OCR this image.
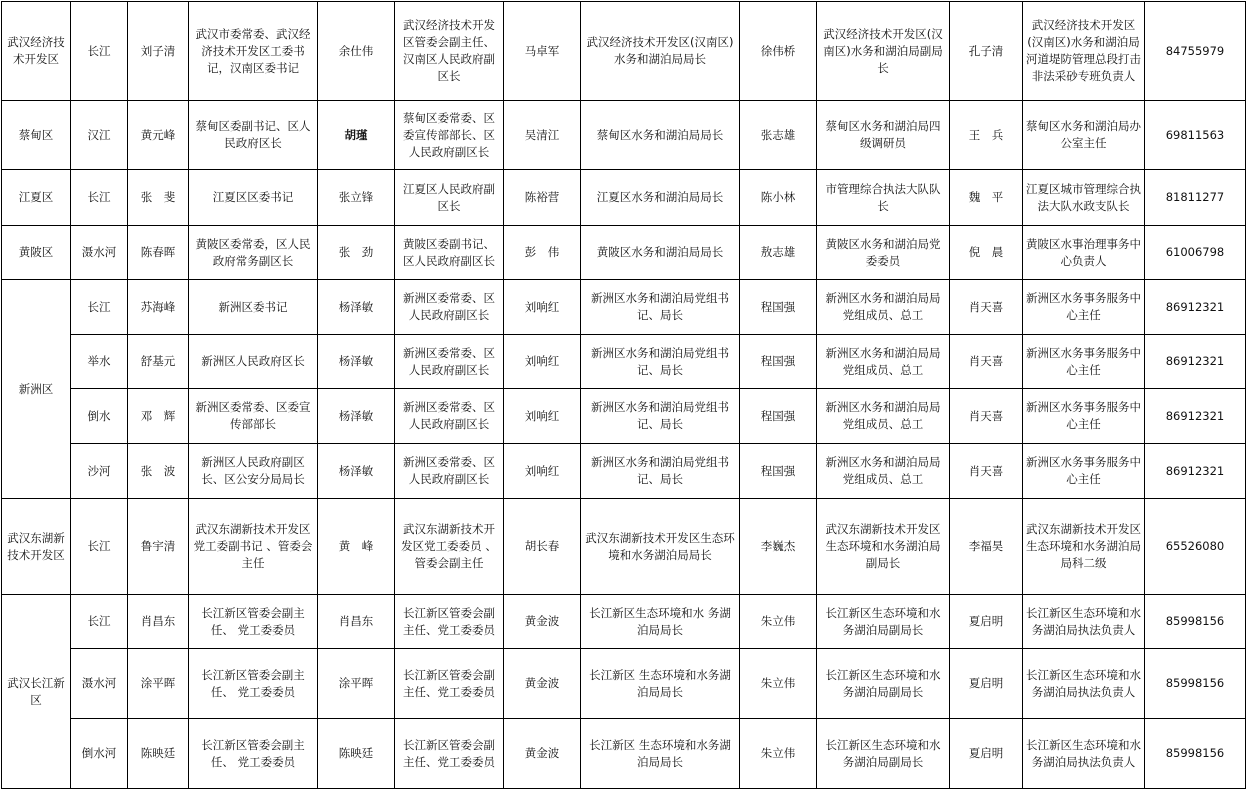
武汉经济技术开发区	长江	刘子清	武汉市委常委、武汉经济技术开发区工委书记，汉南区委书记	余仕伟	武汉经济技术开发区管委会副主任、汉南区人民政府副区长	马卓军	武汉经济技术开发区(汉南区)水务和湖泊局局长	徐伟桥	武汉经济技术开发区(汉南区)水务和湖泊局副局长	孔子清	武汉经济技术开发区(汉南区)水务和湖泊局河道堤防管理总段打击非法采砂专班负责人	84755979
蔡甸区	汉江	黄元峰	蔡甸区委副书记、区人民政府区长	胡瑾	蔡甸区委常委、区委宣传部部长、区人民政府副区长	吴清江	蔡甸区水务和湖泊局局长	张志雄	蔡甸区水务和湖泊局四级调研员	王　兵	蔡甸区水务和湖泊局办公室主任	69811563
江夏区	长江	张　斐	江夏区区委书记	张立锋	江夏区人民政府副区长	陈裕营	江夏区水务和湖泊局局长	陈小林	市管理综合执法大队队长	魏　平	江夏区城市管理综合执法大队水政支队长	81811277
黄陂区	滠水河	陈春晖	黄陂区委常委，区人民政府常务副区长	张　劲	黄陂区委副书记、区人民政府副区长	彭　伟	黄陂区水务和湖泊局局长	敖志雄	黄陂区水务和湖泊局党委委员	倪　晨	黄陂区水事治理事务中心负责人	61006798
新洲区	长江	苏海峰	新洲区委书记	杨泽敏	新洲区委常委、区人民政府副区长	刘响红	新洲区水务和湖泊局党组书记、局长	程国强	新洲区水务和湖泊局局党组成员、总工	肖天喜	新洲区水务事务服务中心主任	86912321
	举水	舒基元	新洲区人民政府区长	杨泽敏	新洲区委常委、区人民政府副区长	刘响红	新洲区水务和湖泊局党组书记、局长	程国强	新洲区水务和湖泊局局党组成员、总工	肖天喜	新洲区水务事务服务中心主任	86912321
	倒水	邓　辉	新洲区委常委、区委宣传部部长	杨泽敏	新洲区委常委、区人民政府副区长	刘响红	新洲区水务和湖泊局党组书记、局长	程国强	新洲区水务和湖泊局局党组成员、总工	肖天喜	新洲区水务事务服务中心主任	86912321
	沙河	张　波	新洲区人民政府副区长、区公安分局局长	杨泽敏	新洲区委常委、区人民政府副区长	刘响红	新洲区水务和湖泊局党组书记、局长	程国强	新洲区水务和湖泊局局党组成员、总工	肖天喜	新洲区水务事务服务中心主任	86912321
武汉东湖新技术开发区	长江	鲁宇清	武汉东湖新技术开发区党工委副书记 、管委会主任	黄　峰	武汉东湖新技术开发区党工委委员 、管委会副主任	胡长春	武汉东湖新技术开发区生态环境和水务湖泊局局长	李巍杰	武汉东湖新技术开发区生态环境和水务湖泊局副局长	李福昊	武汉东湖新技术开发区生态环境和水务湖泊局局科二级	65526080
武汉长江新区	长江	肖昌东	长江新区管委会副主任、 党工委委员	肖昌东	长江新区管委会副主任、党工委委员	黄金波	长江新区生态环境和水 务湖泊局局长	朱立伟	长江新区生态环境和水务湖泊局副局长	夏启明	长江新区生态环境和水务湖泊局执法负责人	85998156
	滠水河	涂平晖	长江新区管委会副主任、 党工委委员	涂平晖	长江新区管委会副主任、党工委委员	黄金波	长江新区 生态环境和水务湖泊局局长	朱立伟	长江新区生态环境和水务湖泊局副局长	夏启明	长江新区生态环境和水务湖泊局执法负责人	85998156
	倒水河	陈映廷	长江新区管委会副主任、 党工委委员	陈映廷	长江新区管委会副主任、党工委委员	黄金波	长江新区 生态环境和水务湖泊局局长	朱立伟	长江新区生态环境和水务湖泊局副局长	夏启明	长江新区生态环境和水务湖泊局执法负责人	85998156
